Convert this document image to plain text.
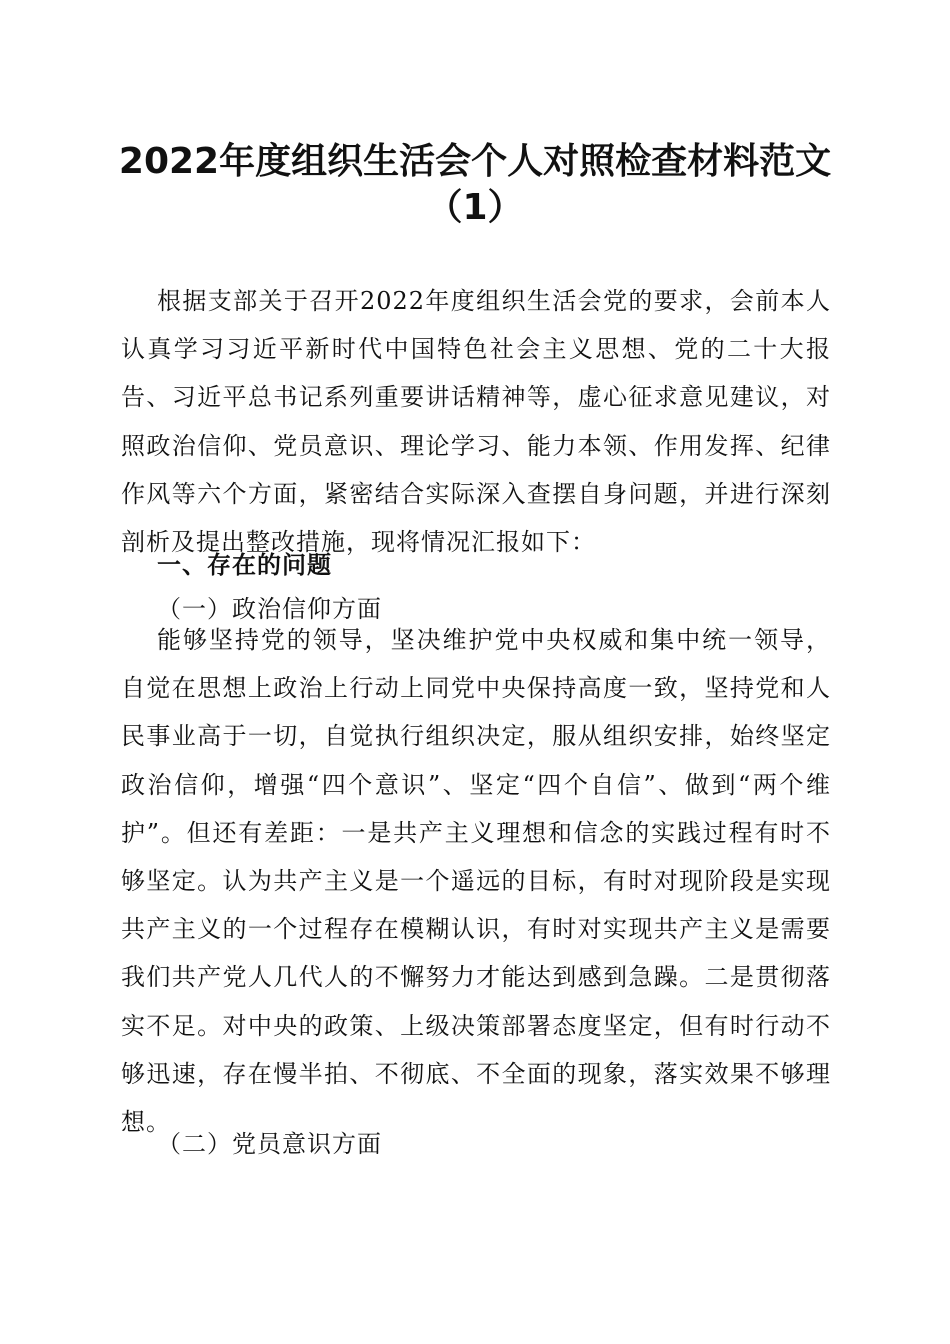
2022年度组织生活会个人对照检查材料范文
（1）

根据支部关于召开2022年度组织生活会党的要求，会前本人认真学习习近平新时代中国特色社会主义思想、党的二十大报告、习近平总书记系列重要讲话精神等，虚心征求意见建议，对照政治信仰、党员意识、理论学习、能力本领、作用发挥、纪律作风等六个方面，紧密结合实际深入查摆自身问题，并进行深刻剖析及提出整改措施，现将情况汇报如下：

一、存在的问题

（一）政治信仰方面

能够坚持党的领导，坚决维护党中央权威和集中统一领导，自觉在思想上政治上行动上同党中央保持高度一致，坚持党和人民事业高于一切，自觉执行组织决定，服从组织安排，始终坚定政治信仰，增强“四个意识”、坚定“四个自信”、做到“两个维护”。但还有差距：一是共产主义理想和信念的实践过程有时不够坚定。认为共产主义是一个遥远的目标，有时对现阶段是实现共产主义的一个过程存在模糊认识，有时对实现共产主义是需要我们共产党人几代人的不懈努力才能达到感到急躁。二是贯彻落实不足。对中央的政策、上级决策部署态度坚定，但有时行动不够迅速，存在慢半拍、不彻底、不全面的现象，落实效果不够理想。

（二）党员意识方面
